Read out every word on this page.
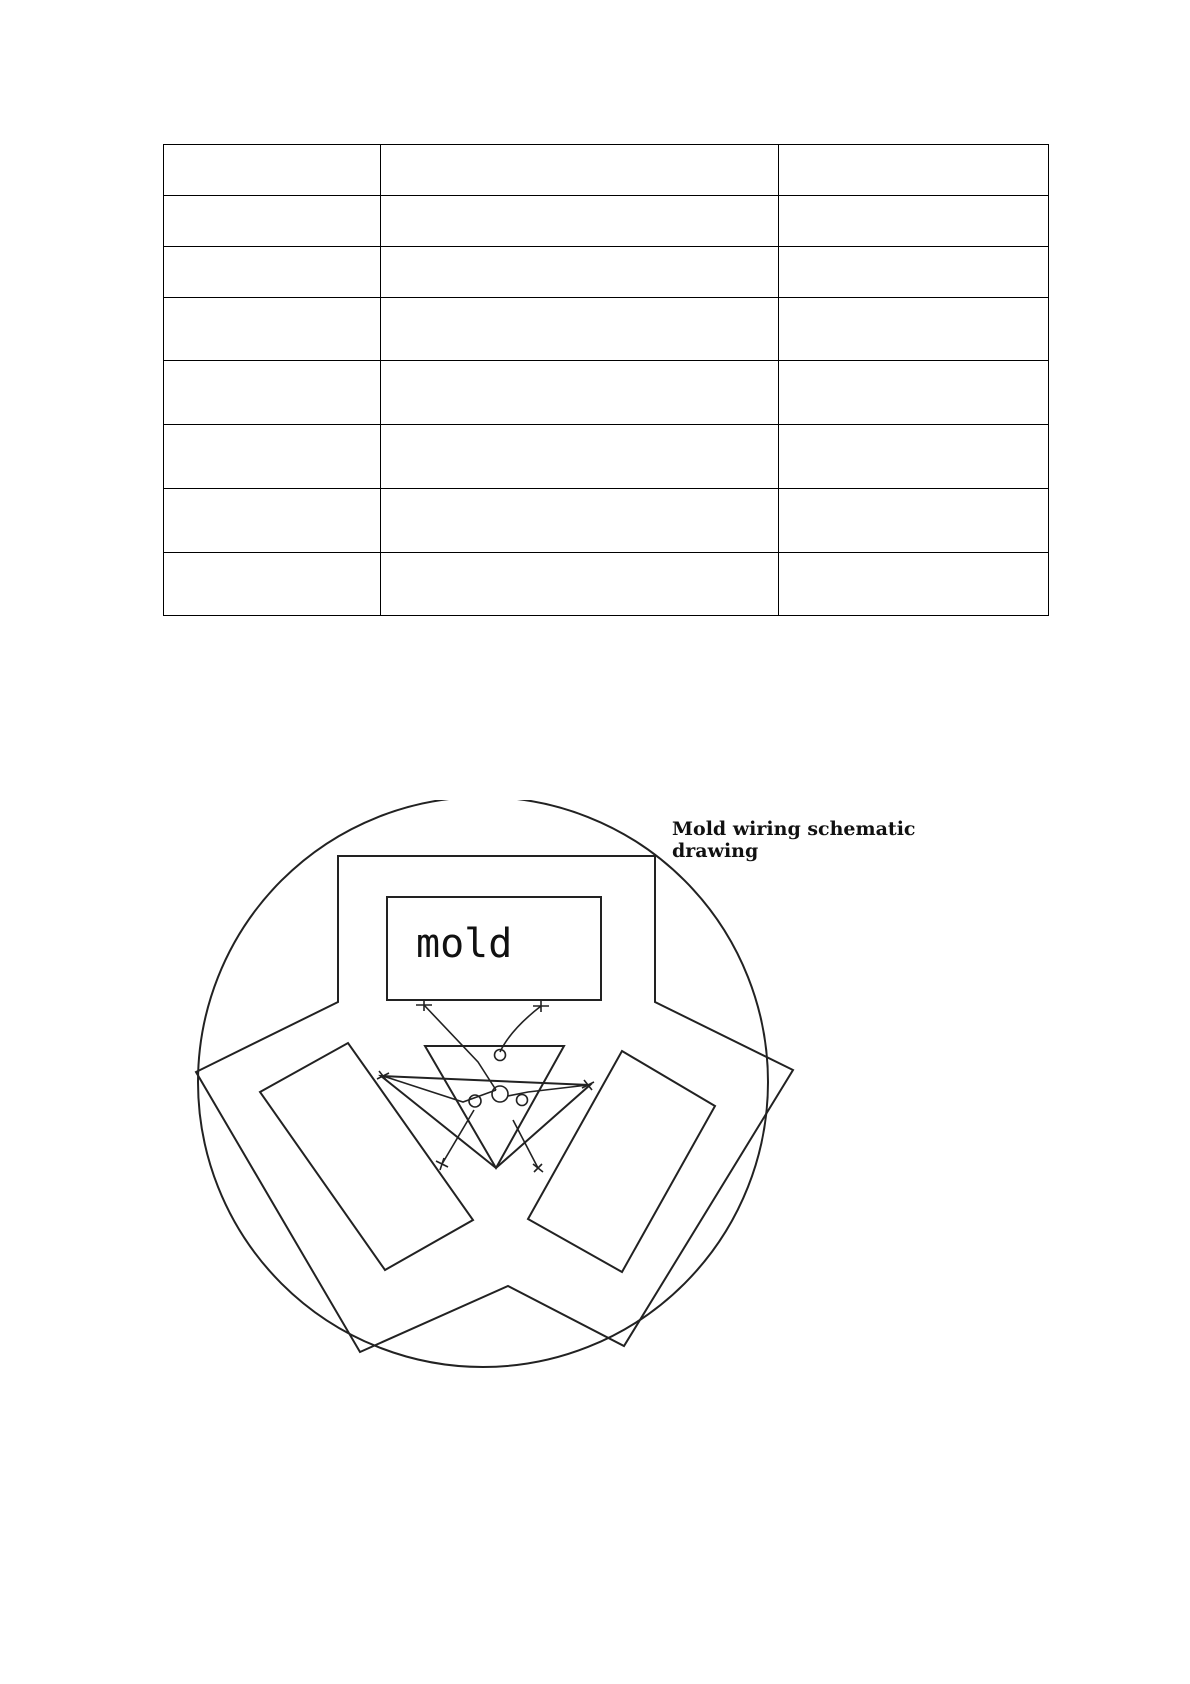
Mold wiring schematic drawing
mold
